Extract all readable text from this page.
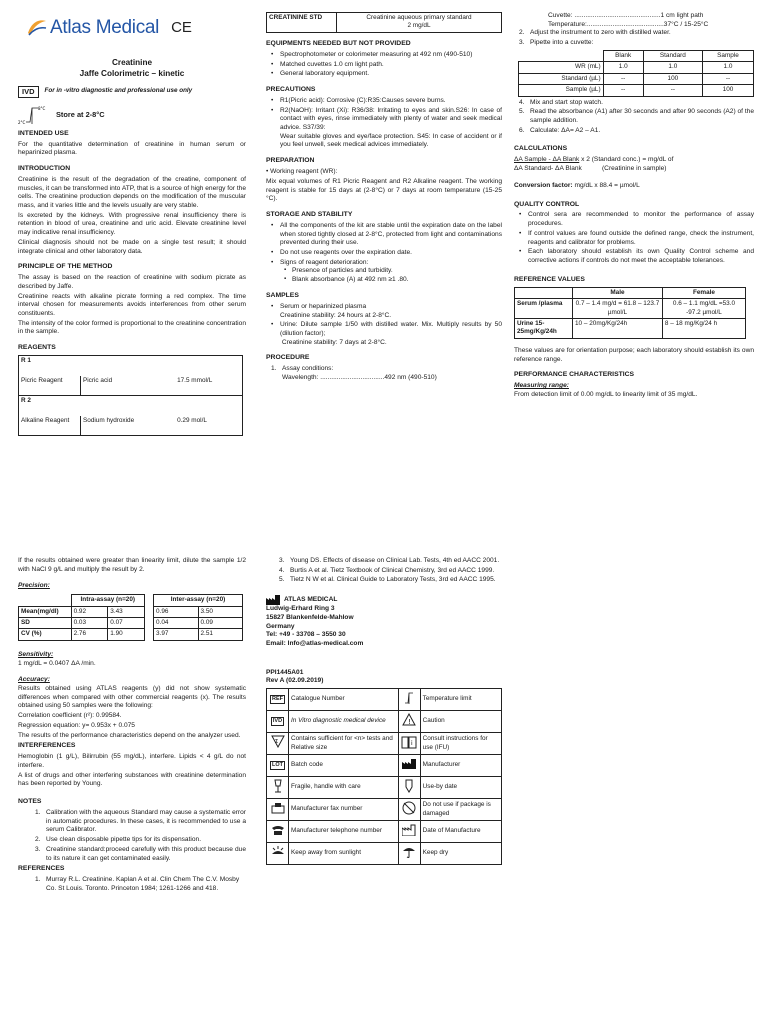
Atlas Medical CE
Creatinine
Jaffe Colorimetric – kinetic
IVD	For in -vitro diagnostic and professional use only
8°C
2°C
Store at 2-8°C
INTENDED USE

For the quantitative determination of creatinine in human serum or heparinized plasma.

INTRODUCTION

Creatinine is the result of the degradation of the creatine, component of muscles, it can be transformed into ATP, that is a source of high energy for the cells. The creatinine production depends on the modification of the muscular mass, and it varies little and the levels usually are very stable.

Is excreted by the kidneys. With progressive renal insufficiency there is retention in blood of urea, creatinine and uric acid. Elevate creatinine level may indicative renal insufficiency.

Clinical diagnosis should not be made on a single test result; it should integrate clinical and other laboratory data.

PRINCIPLE OF THE METHOD

The assay is based on the reaction of creatinine with sodium picrate as described by Jaffe.

Creatinine reacts with alkaline picrate forming a red complex. The time interval chosen for measurements avoids interferences from other serum constituents.

The intensity of the color formed is proportional to the creatinine concentration in the sample.

REAGENTS
R 1		
Picric Reagent	Picric acid	17.5 mmol/L
R 2		
Alkaline Reagent	Sodium hydroxide	0.29 mol/L
CREATININE STD	Creatinine aqueous primary standard
2 mg/dL
EQUIPMENTS NEEDED BUT NOT PROVIDED
• Spectrophotometer or colorimeter measuring at 492 nm (490-510)
• Matched cuvettes 1.0 cm light path.
• General laboratory equipment.
PRECAUTIONS
• R1(Picric acid): Corrosive (C):R35:Causes severe burns.
• R2(NaOH): Irritant (Xi): R36/38: Irritating to eyes and skin.S26: In case of contact with eyes, rinse immediately with plenty of water and seek medical advice. S37/39:
Wear suitable gloves and eye/face protection. S45: In case of accident or if you feel unwell, seek medical advices immediately.
PREPARATION

• Working reagent (WR):

Mix equal volumes of R1 Picric Reagent and R2 Alkaline reagent. The working reagent is stable for 15 days at (2-8°C) or 7 days at room temperature (15-25 °C).

STORAGE AND STABILITY
• All the components of the kit are stable until the expiration date on the label when stored tightly closed at 2-8°C, protected from light and contaminations prevented during their use.
• Do not use reagents over the expiration date.
• Signs of reagent deterioration:
▪ Presence of particles and turbidity.
▪ Blank absorbance (A) at 492 nm ≥1 .80.
SAMPLES
• Serum or heparinized plasma
Creatinine stability: 24 hours at 2-8°C.
• Urine: Dilute sample 1/50 with distilled water. Mix. Multiply results by 50 (dilution factor);
Creatinine stability: 7 days at 2-8°C.
PROCEDURE
1. Assay conditions:
Wavelength: ...................................492 nm (490-510)
Cuvette: ...............................................1 cm light path
Temperature:..........................................37°C / 15-25°C
2. Adjust the instrument to zero with distilled water.
3. Pipette into a cuvette:
	Blank	Standard	Sample
WR (mL)	1.0	1.0	1.0
Standard (µL)	--	100	--
Sample (µL)	--	--	100
4. Mix and start stop watch.
5. Read the absorbance (A1) after 30 seconds and after 90 seconds (A2) of the sample addition.
6. Calculate: ΔA= A2 – A1.
CALCULATIONS
ΔA Sample - ΔA Blank x 2 (Standard conc.) = mg/dL of
ΔA Standard- ΔA Blank	(Creatinine in sample)

Conversion factor: mg/dL x 88.4 = µmol/L

QUALITY CONTROL
• Control sera are recommended to monitor the performance of assay procedures.
• If control values are found outside the defined range, check the instrument, reagents and calibrator for problems.
• Each laboratory should establish its own Quality Control scheme and corrective actions if controls do not meet the acceptable tolerances.
REFERENCE VALUES
	Male	Female
Serum /plasma	0.7 – 1.4 mg/d = 61.8 – 123.7 µmol/L	0.6 – 1.1 mg/dL =53.0 -97.2 µmol/L
Urine 15-25mg/Kg/24h	10 – 20mg/Kg/24h	8 – 18 mg/Kg/24 h

These values are for orientation purpose; each laboratory should establish its own reference range.

PERFORMANCE CHARACTERISTICS
Measuring range:

From detection limit of 0.00 mg/dL to linearity limit of 35 mg/dL.

If the results obtained were greater than linearity limit, dilute the sample 1/2 with NaCl 9 g/L and multiply the result by 2.

Precision:
	Intra-assay (n=20)	
Mean(mg/dl)	0.92	3.43
SD	0.03	0.07
CV (%)	2.76	1.90
Inter-assay (n=20)	
0.96	3.50
0.04	0.09
3.97	2.51
Sensitivity:

1 mg/dL = 0.0407 ΔA /min.

Accuracy:

Results obtained using ATLAS reagents (y) did not show systematic differences when compared with other commercial reagents (x). The results obtained using 50 samples were the following:

Correlation coefficient (r²): 0.99584.

Regression equation: y= 0.953x + 0.075

The results of the performance characteristics depend on the analyzer used.

INTERFERENCES

Hemoglobin (1 g/L), Bilirrubin (55 mg/dL), interfere. Lipids < 4 g/L do not interfere.

A list of drugs and other interfering substances with creatinine determination has been reported by Young.

NOTES
1. Calibration with the aqueous Standard may cause a systematic error in automatic procedures. In these cases, it is recommended to use a serum Calibrator.
2. Use clean disposable pipette tips for its dispensation.
3. Creatinine standard:proceed carefully with this product because due to its nature it can get contaminated easily.
REFERENCES
1. Murray R.L. Creatinine. Kaplan A et al. Clin Chem The C.V. Mosby Co. St Louis. Toronto. Princeton 1984; 1261-1266 and 418.
3. Young DS. Effects of disease on Clinical Lab. Tests, 4th ed AACC 2001.
4. Burtis A et al. Tietz Textbook of Clinical Chemistry, 3rd ed AACC 1999.
5. Tietz N W et al. Clinical Guide to Laboratory Tests, 3rd ed AACC 1995.
ATLAS MEDICAL
Ludwig-Erhard Ring 3
15827 Blankenfelde-Mahlow
Germany
Tel: +49 - 33708 – 3550 30
Email: Info@atlas-medical.com
PPI1445A01
Rev A (02.09.2019)
REF	Catalogue Number		Temperature limit
IVD	In Vitro diagnostic medical device	!	Caution

Σ	Contains sufficient for <n> tests and Relative size	i	Consult instructions for use (IFU)
LOT	Batch code		Manufacturer
	Fragile, handle with care		Use-by date
	Manufacturer fax number		Do not use if package is damaged
	Manufacturer telephone number		Date of Manufacture
	Keep away from sunlight		Keep dry
